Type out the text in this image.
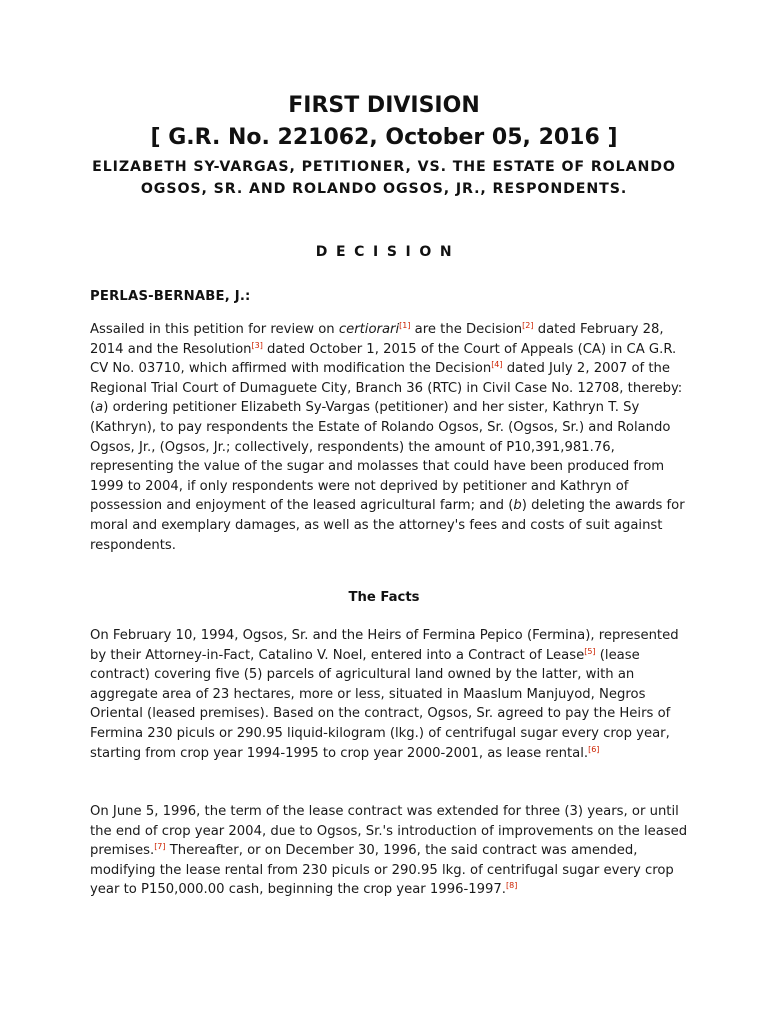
FIRST DIVISION
[ G.R. No. 221062, October 05, 2016 ]
ELIZABETH SY-VARGAS, PETITIONER, VS. THE ESTATE OF ROLANDO OGSOS, SR. AND ROLANDO OGSOS, JR., RESPONDENTS.
DECISION

PERLAS-BERNABE, J.:

Assailed in this petition for review on certiorari[1] are the Decision[2] dated February 28, 2014 and the Resolution[3] dated October 1, 2015 of the Court of Appeals (CA) in CA G.R. CV No. 03710, which affirmed with modification the Decision[4] dated July 2, 2007 of the Regional Trial Court of Dumaguete City, Branch 36 (RTC) in Civil Case No. 12708, thereby: (a) ordering petitioner Elizabeth Sy-Vargas (petitioner) and her sister, Kathryn T. Sy (Kathryn), to pay respondents the Estate of Rolando Ogsos, Sr. (Ogsos, Sr.) and Rolando Ogsos, Jr., (Ogsos, Jr.; collectively, respondents) the amount of P10,391,981.76, representing the value of the sugar and molasses that could have been produced from 1999 to 2004, if only respondents were not deprived by petitioner and Kathryn of possession and enjoyment of the leased agricultural farm; and (b) deleting the awards for moral and exemplary damages, as well as the attorney's fees and costs of suit against respondents.

The Facts

On February 10, 1994, Ogsos, Sr. and the Heirs of Fermina Pepico (Fermina), represented by their Attorney-in-Fact, Catalino V. Noel, entered into a Contract of Lease[5] (lease contract) covering five (5) parcels of agricultural land owned by the latter, with an aggregate area of 23 hectares, more or less, situated in Maaslum Manjuyod, Negros Oriental (leased premises). Based on the contract, Ogsos, Sr. agreed to pay the Heirs of Fermina 230 piculs or 290.95 liquid-kilogram (lkg.) of centrifugal sugar every crop year, starting from crop year 1994-1995 to crop year 2000-2001, as lease rental.[6]

On June 5, 1996, the term of the lease contract was extended for three (3) years, or until the end of crop year 2004, due to Ogsos, Sr.'s introduction of improvements on the leased premises.[7] Thereafter, or on December 30, 1996, the said contract was amended, modifying the lease rental from 230 piculs or 290.95 lkg. of centrifugal sugar every crop year to P150,000.00 cash, beginning the crop year 1996-1997.[8]
